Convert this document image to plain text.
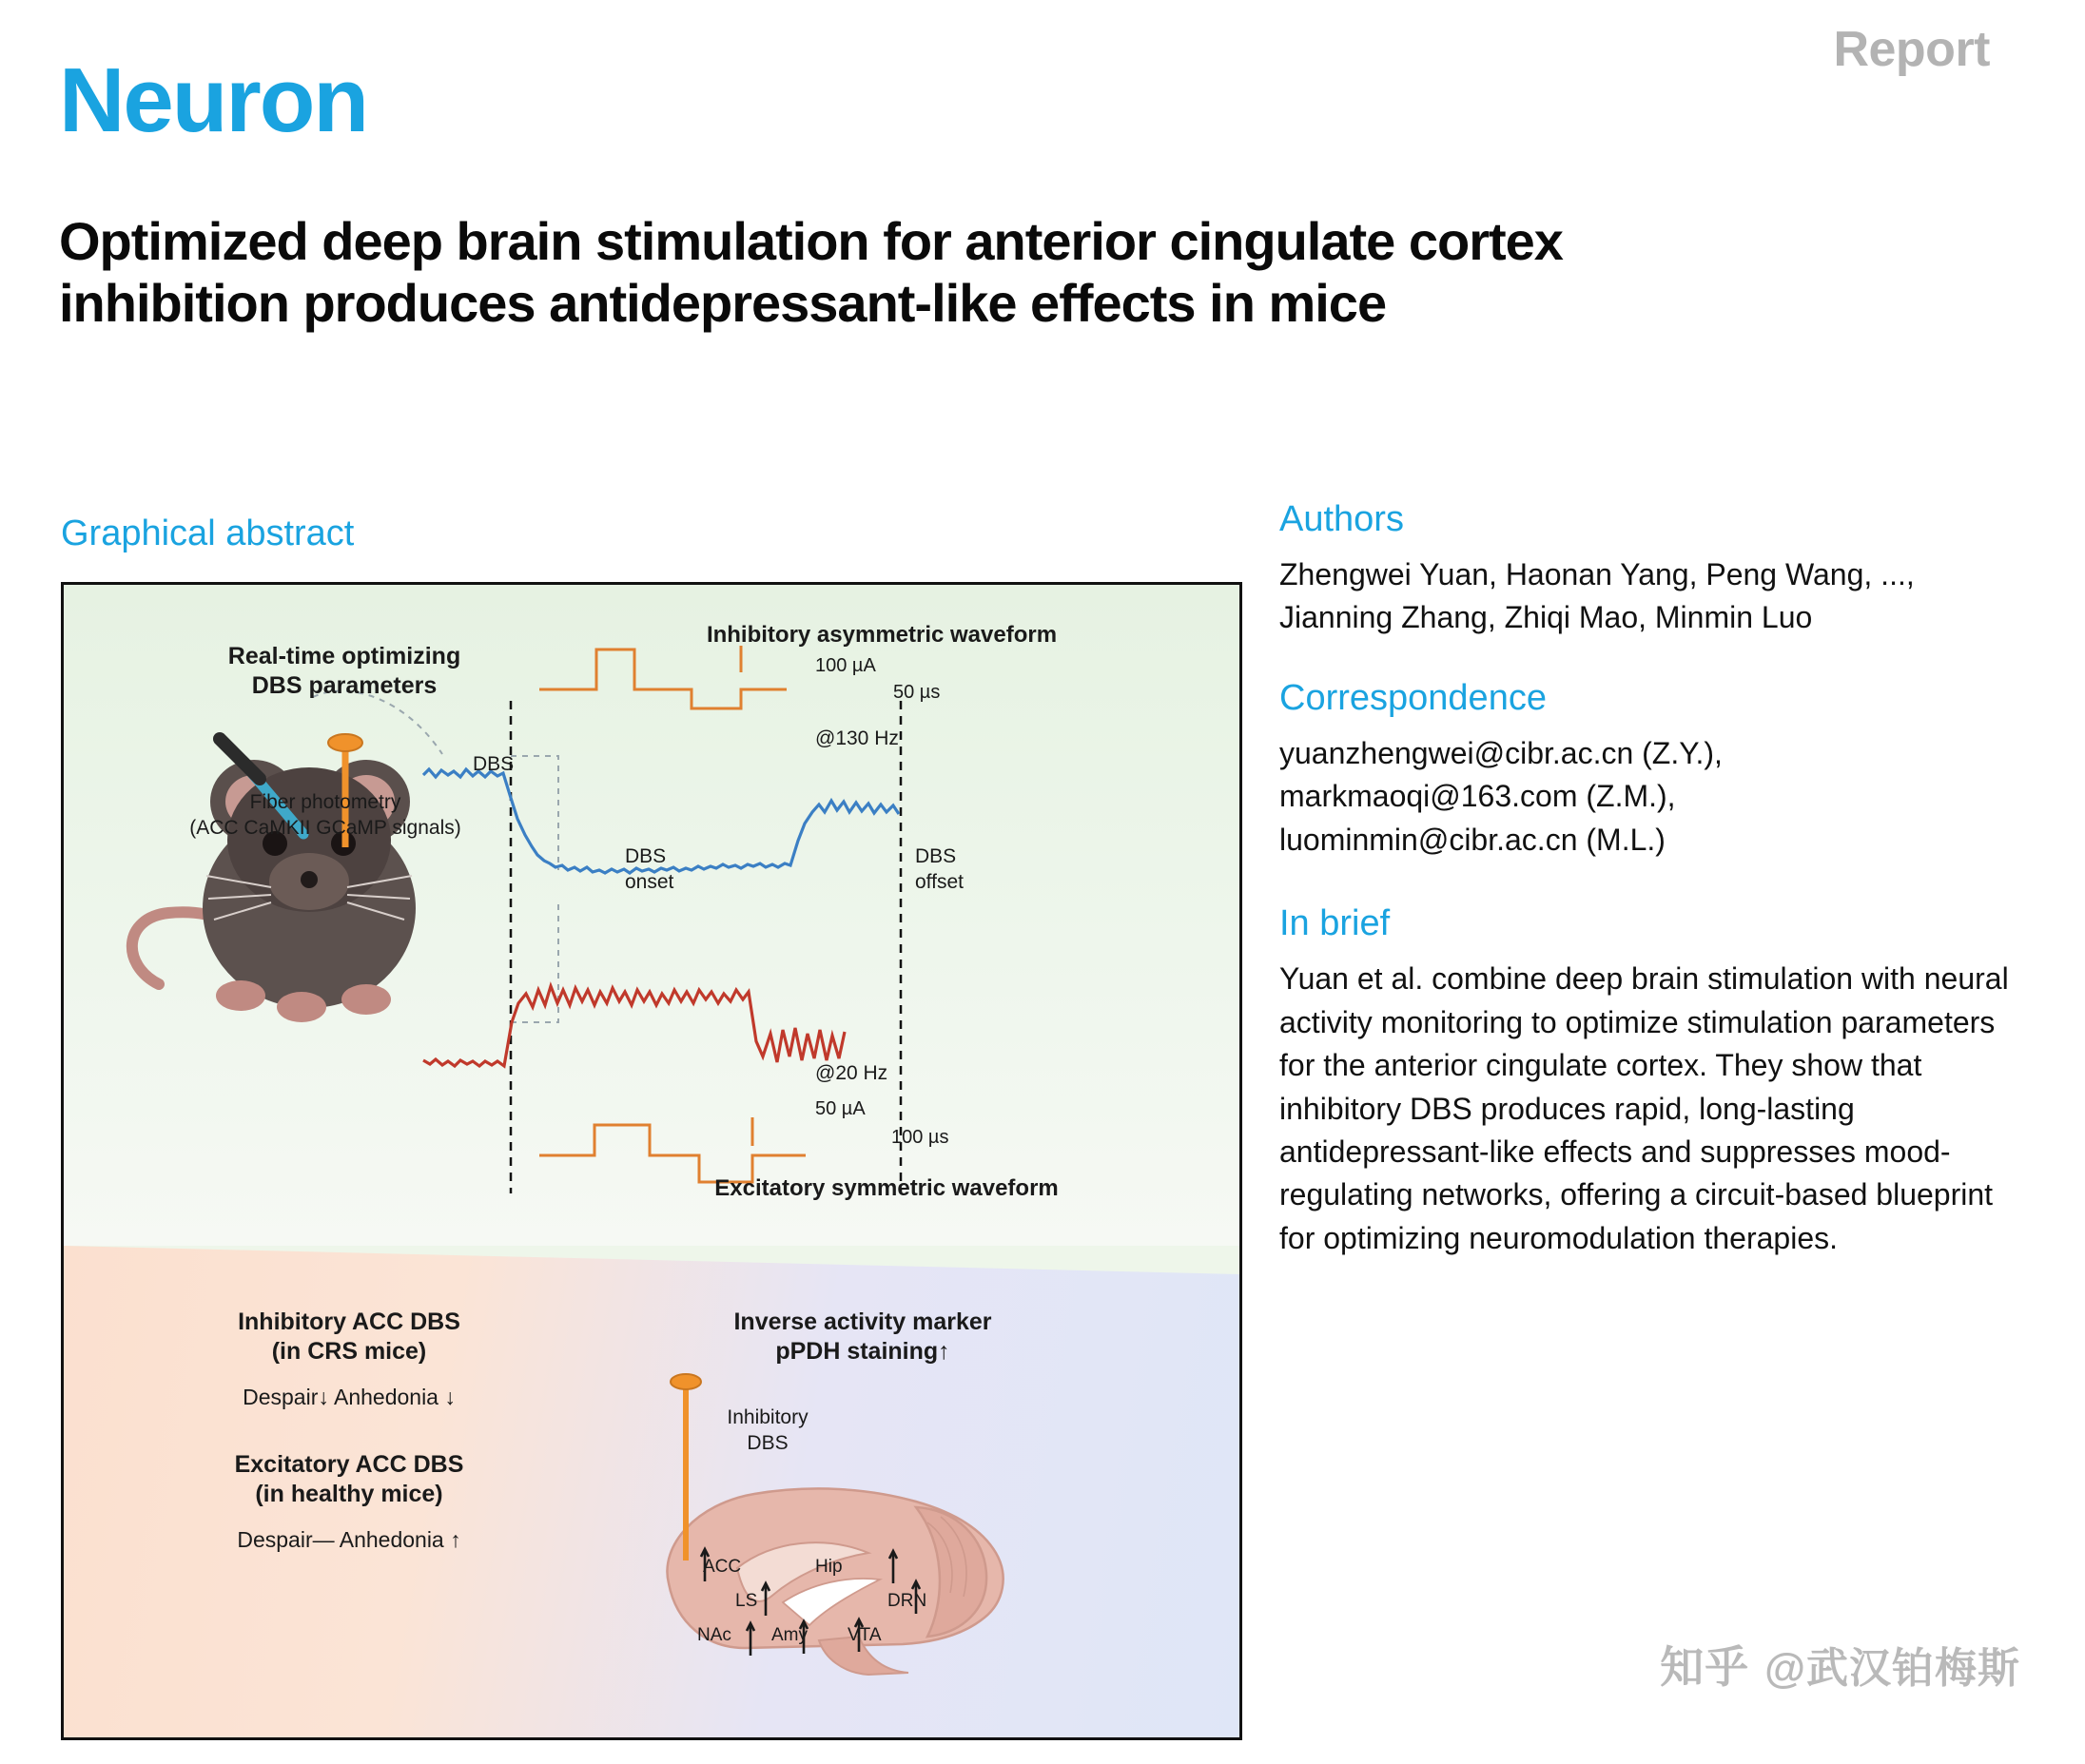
Neuron	Report
Optimized deep brain stimulation for anterior cingulate cortex inhibition produces antidepressant-like effects in mice
Graphical abstract
Real-time optimizing
DBS parameters
Fiber photometry
(ACC CaMKII GCaMP signals)
DBS
Inhibitory asymmetric waveform
100 µA
50 µs
@130 Hz
DBS
onset
DBS
offset
@20 Hz
50 µA
100 µs
Excitatory symmetric waveform
Inhibitory ACC DBS
(in CRS mice)
Despair↓ Anhedonia ↓
Excitatory ACC DBS
(in healthy mice)
Despair— Anhedonia ↑
Inverse activity marker
pPDH staining↑
Inhibitory
DBS
ACC	Hip
LS	DRN
NAc Amy VTA
Authors
Zhengwei Yuan, Haonan Yang, Peng Wang, ..., Jianning Zhang, Zhiqi Mao, Minmin Luo
Correspondence
yuanzhengwei@cibr.ac.cn (Z.Y.),
markmaoqi@163.com (Z.M.),
luominmin@cibr.ac.cn (M.L.)
In brief
Yuan et al. combine deep brain stimulation with neural activity monitoring to optimize stimulation parameters for the anterior cingulate cortex. They show that inhibitory DBS produces rapid, long-lasting antidepressant-like effects and suppresses mood-regulating networks, offering a circuit-based blueprint for optimizing neuromodulation therapies.
知乎 @武汉铂梅斯
